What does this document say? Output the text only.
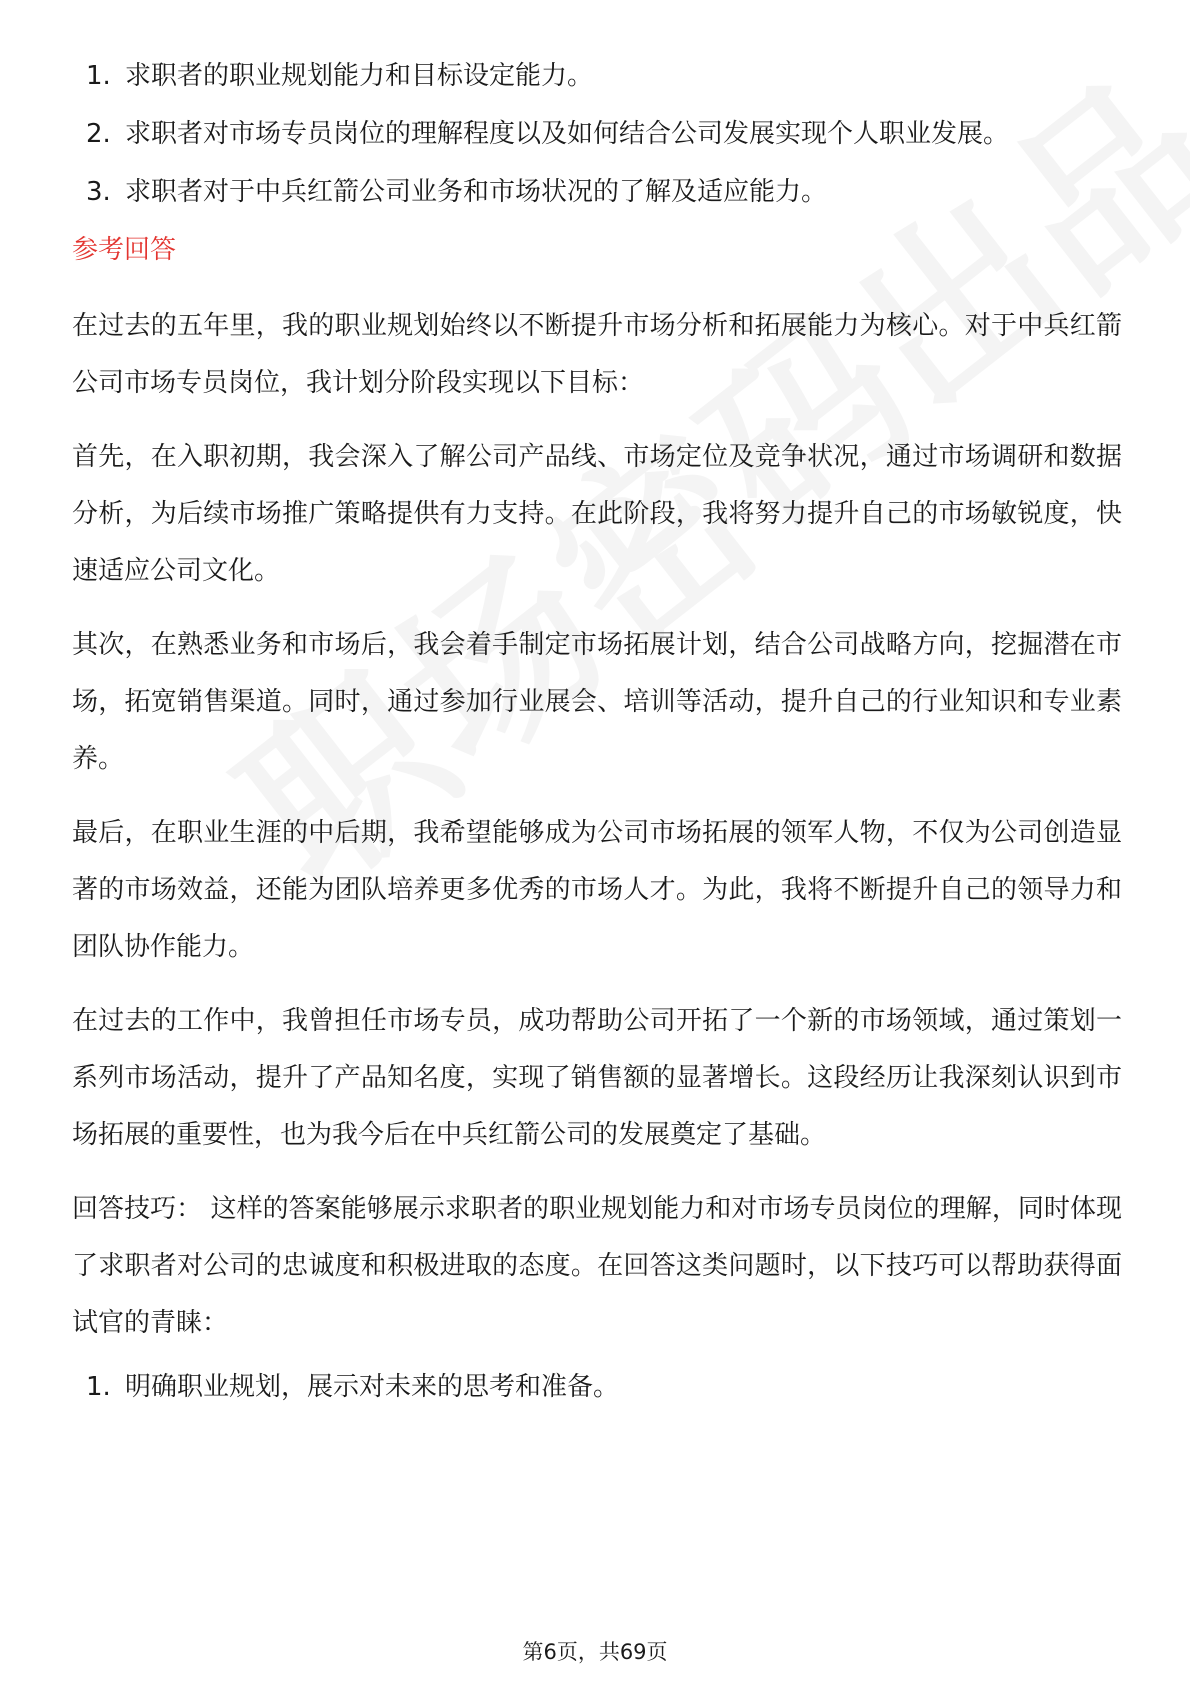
1. 求职者的职业规划能力和目标设定能力。
2. 求职者对市场专员岗位的理解程度以及如何结合公司发展实现个人职业发展。
3. 求职者对于中兵红箭公司业务和市场状况的了解及适应能力。
参考回答

在过去的五年里，我的职业规划始终以不断提升市场分析和拓展能力为核心。对于中兵红箭公司市场专员岗位，我计划分阶段实现以下目标：

首先，在入职初期，我会深入了解公司产品线、市场定位及竞争状况，通过市场调研和数据分析，为后续市场推广策略提供有力支持。在此阶段，我将努力提升自己的市场敏锐度，快速适应公司文化。

其次，在熟悉业务和市场后，我会着手制定市场拓展计划，结合公司战略方向，挖掘潜在市场，拓宽销售渠道。同时，通过参加行业展会、培训等活动，提升自己的行业知识和专业素养。

最后，在职业生涯的中后期，我希望能够成为公司市场拓展的领军人物，不仅为公司创造显著的市场效益，还能为团队培养更多优秀的市场人才。为此，我将不断提升自己的领导力和团队协作能力。

在过去的工作中，我曾担任市场专员，成功帮助公司开拓了一个新的市场领域，通过策划一系列市场活动，提升了产品知名度，实现了销售额的显著增长。这段经历让我深刻认识到市场拓展的重要性，也为我今后在中兵红箭公司的发展奠定了基础。

回答技巧： 这样的答案能够展示求职者的职业规划能力和对市场专员岗位的理解，同时体现了求职者对公司的忠诚度和积极进取的态度。在回答这类问题时，以下技巧可以帮助获得面试官的青睐：

1. 明确职业规划，展示对未来的思考和准备。
第6页，共69页
